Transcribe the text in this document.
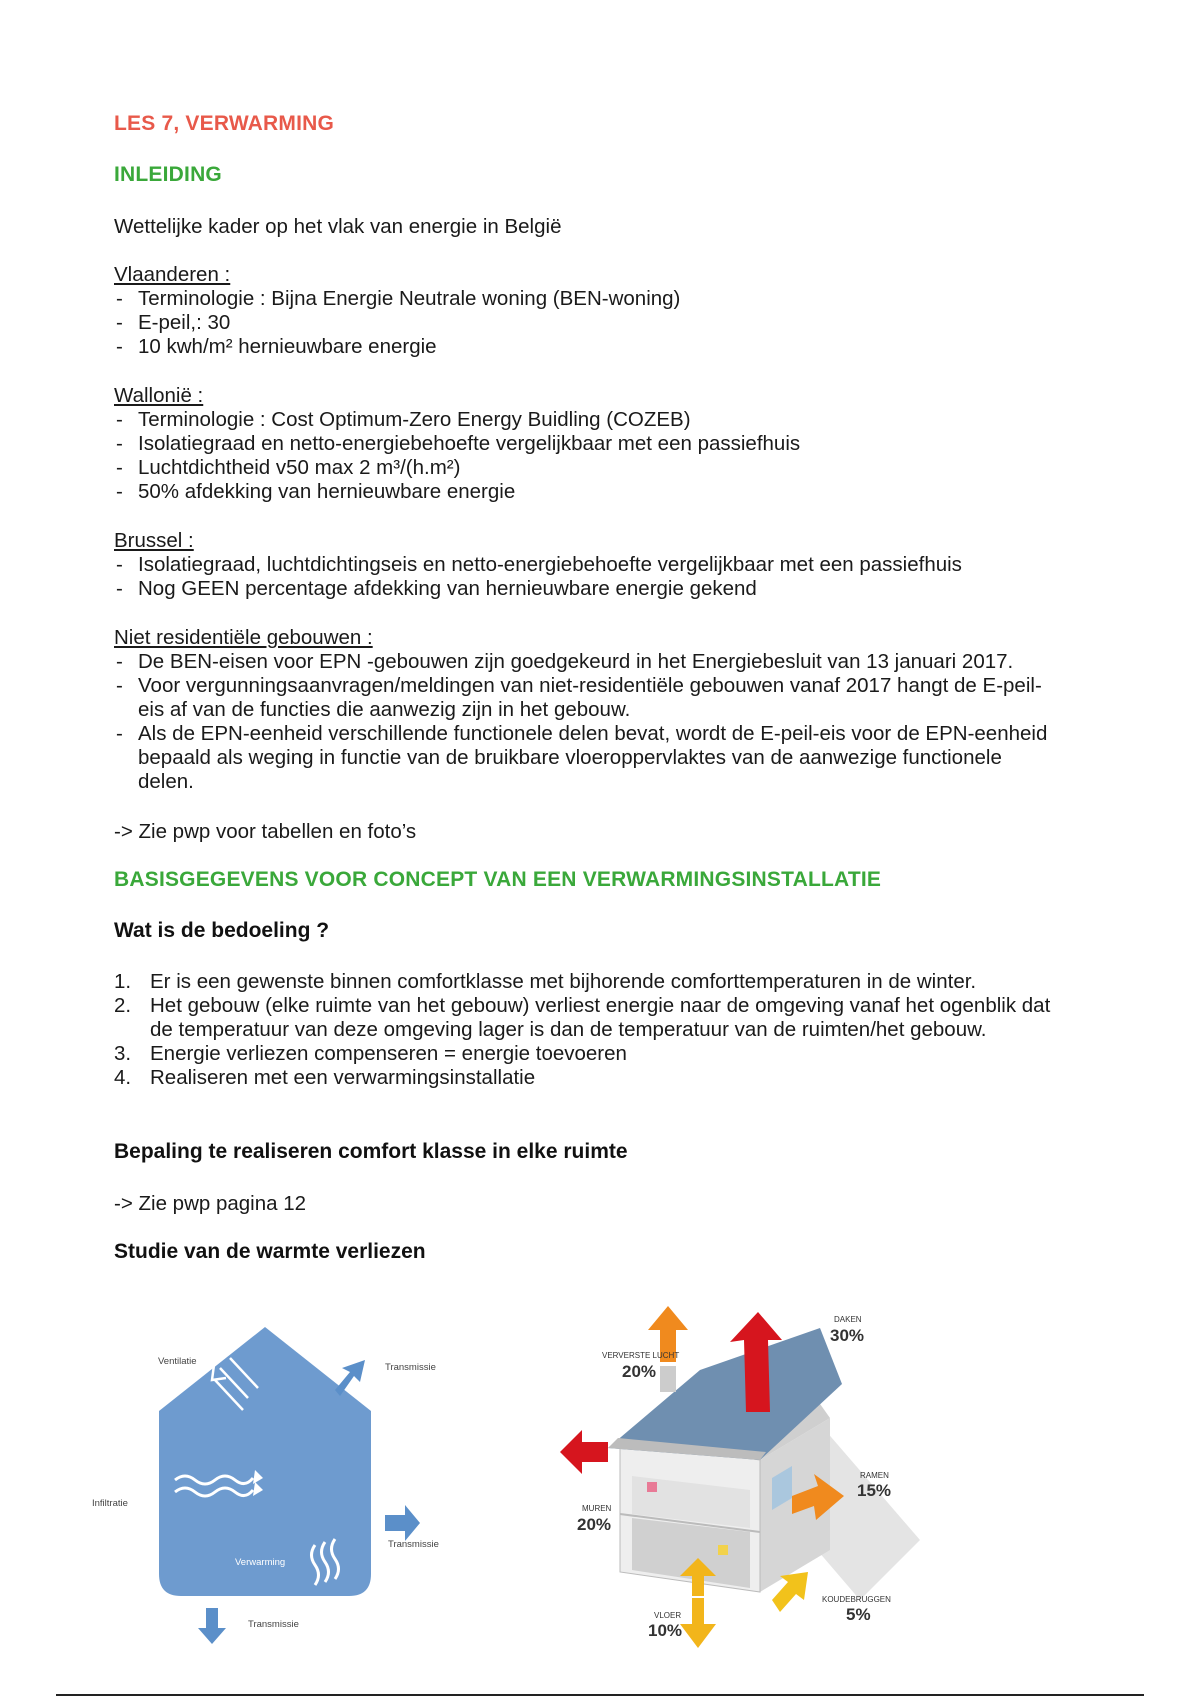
LES 7, VERWARMING
INLEIDING
Wettelijke kader op het vlak van energie in België
Vlaanderen :
- Terminologie : Bijna Energie Neutrale woning (BEN-woning)
- E-peil,: 30
- 10 kwh/m² hernieuwbare energie
Wallonië :
- Terminologie : Cost Optimum-Zero Energy Buidling (COZEB)
- Isolatiegraad en netto-energiebehoefte vergelijkbaar met een passiefhuis
- Luchtdichtheid v50 max 2 m³/(h.m²)
- 50% afdekking van hernieuwbare energie
Brussel :
- Isolatiegraad, luchtdichtingseis en netto-energiebehoefte vergelijkbaar met een passiefhuis
- Nog GEEN percentage afdekking van hernieuwbare energie gekend
Niet residentiële gebouwen :
- De BEN-eisen voor EPN -gebouwen zijn goedgekeurd in het Energiebesluit van 13 januari 2017.
- Voor vergunningsaanvragen/meldingen van niet-residentiële gebouwen vanaf 2017 hangt de E-peil-eis af van de functies die aanwezig zijn in het gebouw.
- Als de EPN-eenheid verschillende functionele delen bevat, wordt de E-peil-eis voor de EPN-eenheid bepaald als weging in functie van de bruikbare vloeroppervlaktes van de aanwezige functionele delen.
-> Zie pwp voor tabellen en foto’s
BASISGEGEVENS VOOR CONCEPT VAN EEN VERWARMINGSINSTALLATIE
Wat is de bedoeling ?
1. Er is een gewenste binnen comfortklasse met bijhorende comforttemperaturen in de winter.
2. Het gebouw (elke ruimte van het gebouw) verliest energie naar de omgeving vanaf het ogenblik dat de temperatuur van deze omgeving lager is dan de temperatuur van de ruimten/het gebouw.
3. Energie verliezen compenseren = energie toevoeren
4. Realiseren met een verwarmingsinstallatie
Bepaling te realiseren comfort klasse in elke ruimte
-> Zie pwp pagina 12
Studie van de warmte verliezen
Ventilatie
Transmissie
Infiltratie
Transmissie
Verwarming
Transmissie
DAKEN
30%
VERVERSTE LUCHT
20%
RAMEN
15%
MUREN
20%
KOUDEBRUGGEN
5%
VLOER
10%
